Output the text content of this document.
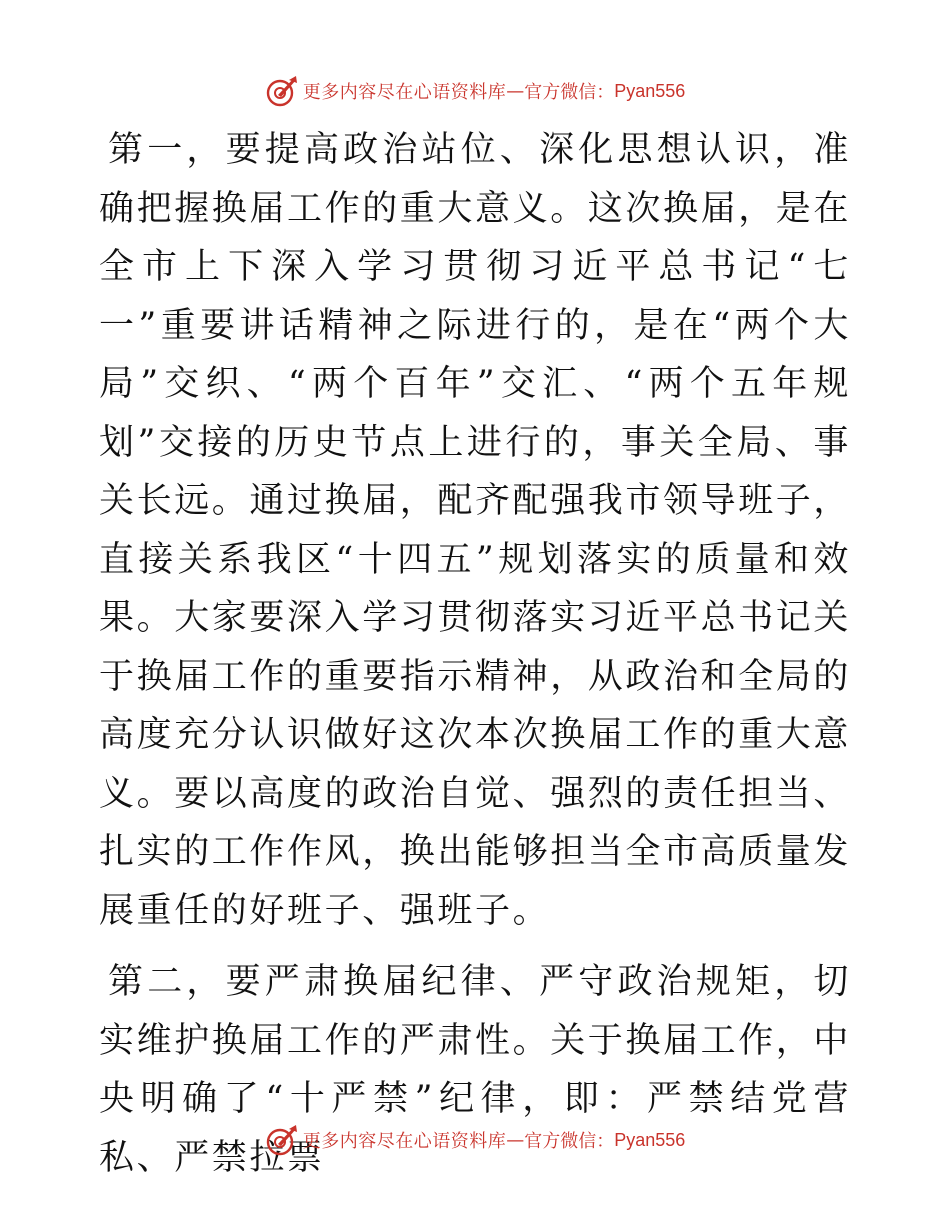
更多内容尽在心语资料库 — 官方微信： Pyan556

第一，要提高政治站位、深化思想认识，准确把握换届工作的重大意义。这次换届，是在全市上下深入学习贯彻习近平总书记“七一”重要讲话精神之际进行的，是在“两个大局”交织、“两个百年”交汇、“两个五年规划”交接的历史节点上进行的，事关全局、事关长远。通过换届，配齐配强我市领导班子，直接关系我区“十四五”规划落实的质量和效果。大家要深入学习贯彻落实习近平总书记关于换届工作的重要指示精神，从政治和全局的高度充分认识做好这次本次换届工作的重大意义。要以高度的政治自觉、强烈的责任担当、扎实的工作作风，换出能够担当全市高质量发展重任的好班子、强班子。

第二，要严肃换届纪律、严守政治规矩，切实维护换届工作的严肃性。关于换届工作，中央明确了“十严禁”纪律，即：严禁结党营私、严禁拉票

更多内容尽在心语资料库 — 官方微信： Pyan556
